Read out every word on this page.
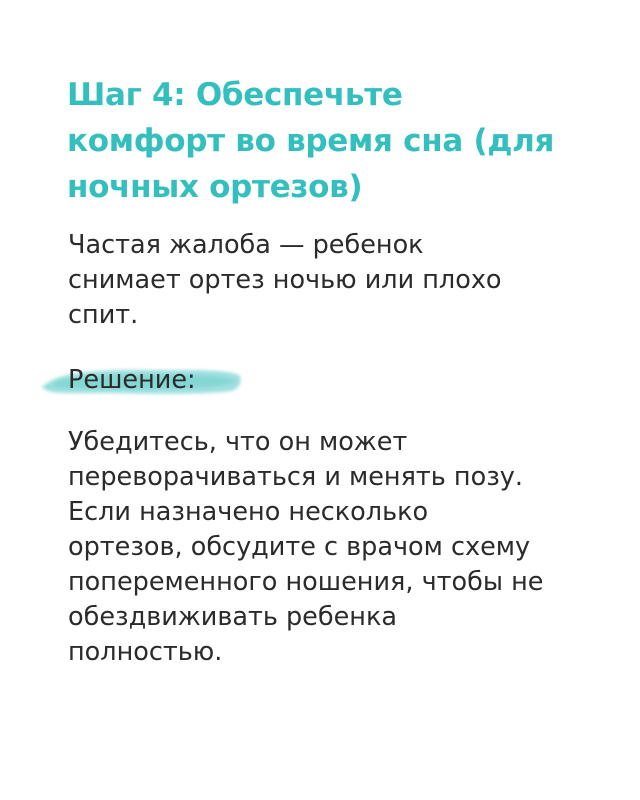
Шаг 4: Обеспечьте
комфорт во время сна (для
ночных ортезов)

Частая жалоба — ребенок
снимает ортез ночью или плохо
спит.

Решение:

Убедитесь, что он может
переворачиваться и менять позу.
Если назначено несколько
ортезов, обсудите с врачом схему
попеременного ношения, чтобы не
обездвиживать ребенка
полностью.
